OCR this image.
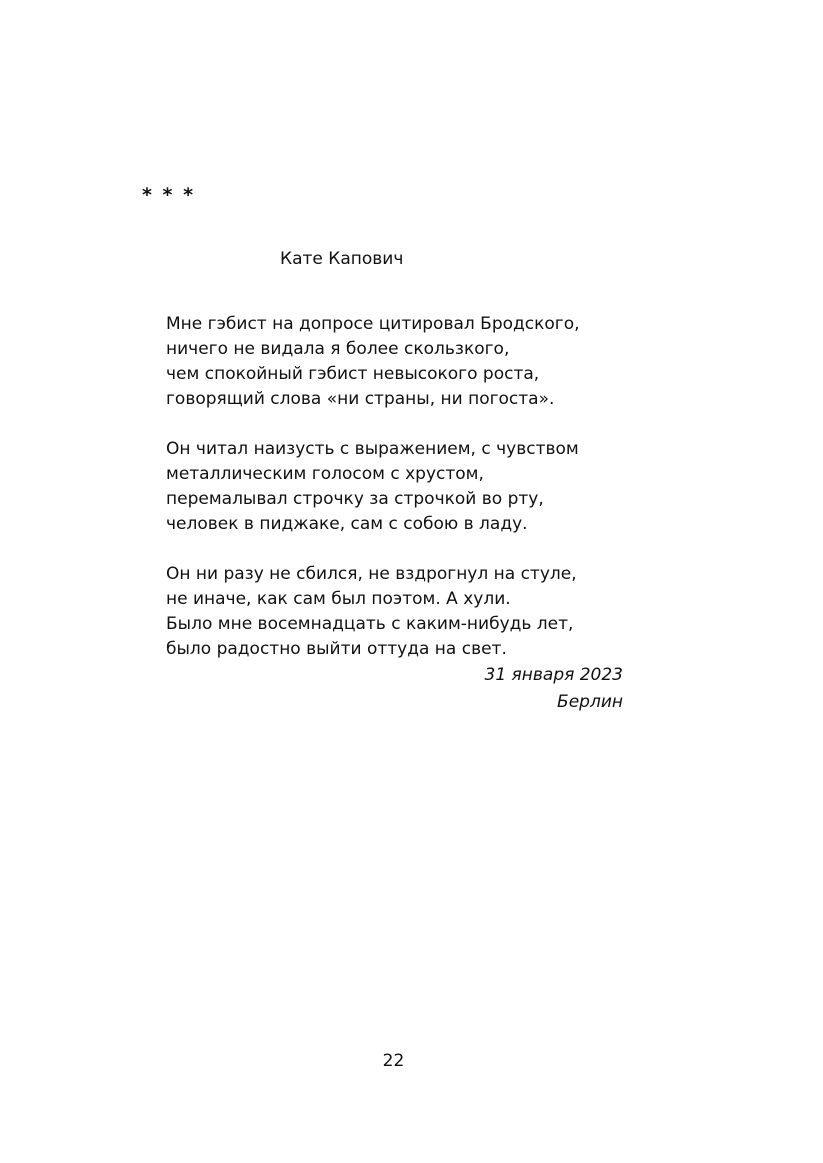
* * *
Кате Капович
Мне гэбист на допросе цитировал Бродского,
ничего не видала я более скользкого,
чем спокойный гэбист невысокого роста,
говорящий слова «ни страны, ни погоста».
Он читал наизусть с выражением, с чувством
металлическим голосом с хрустом,
перемалывал строчку за строчкой во рту,
человек в пиджаке, сам с собою в ладу.
Он ни разу не сбился, не вздрогнул на стуле,
не иначе, как сам был поэтом. А хули.
Было мне восемнадцать с каким-нибудь лет,
было радостно выйти оттуда на свет.
31 января 2023
Берлин
22
